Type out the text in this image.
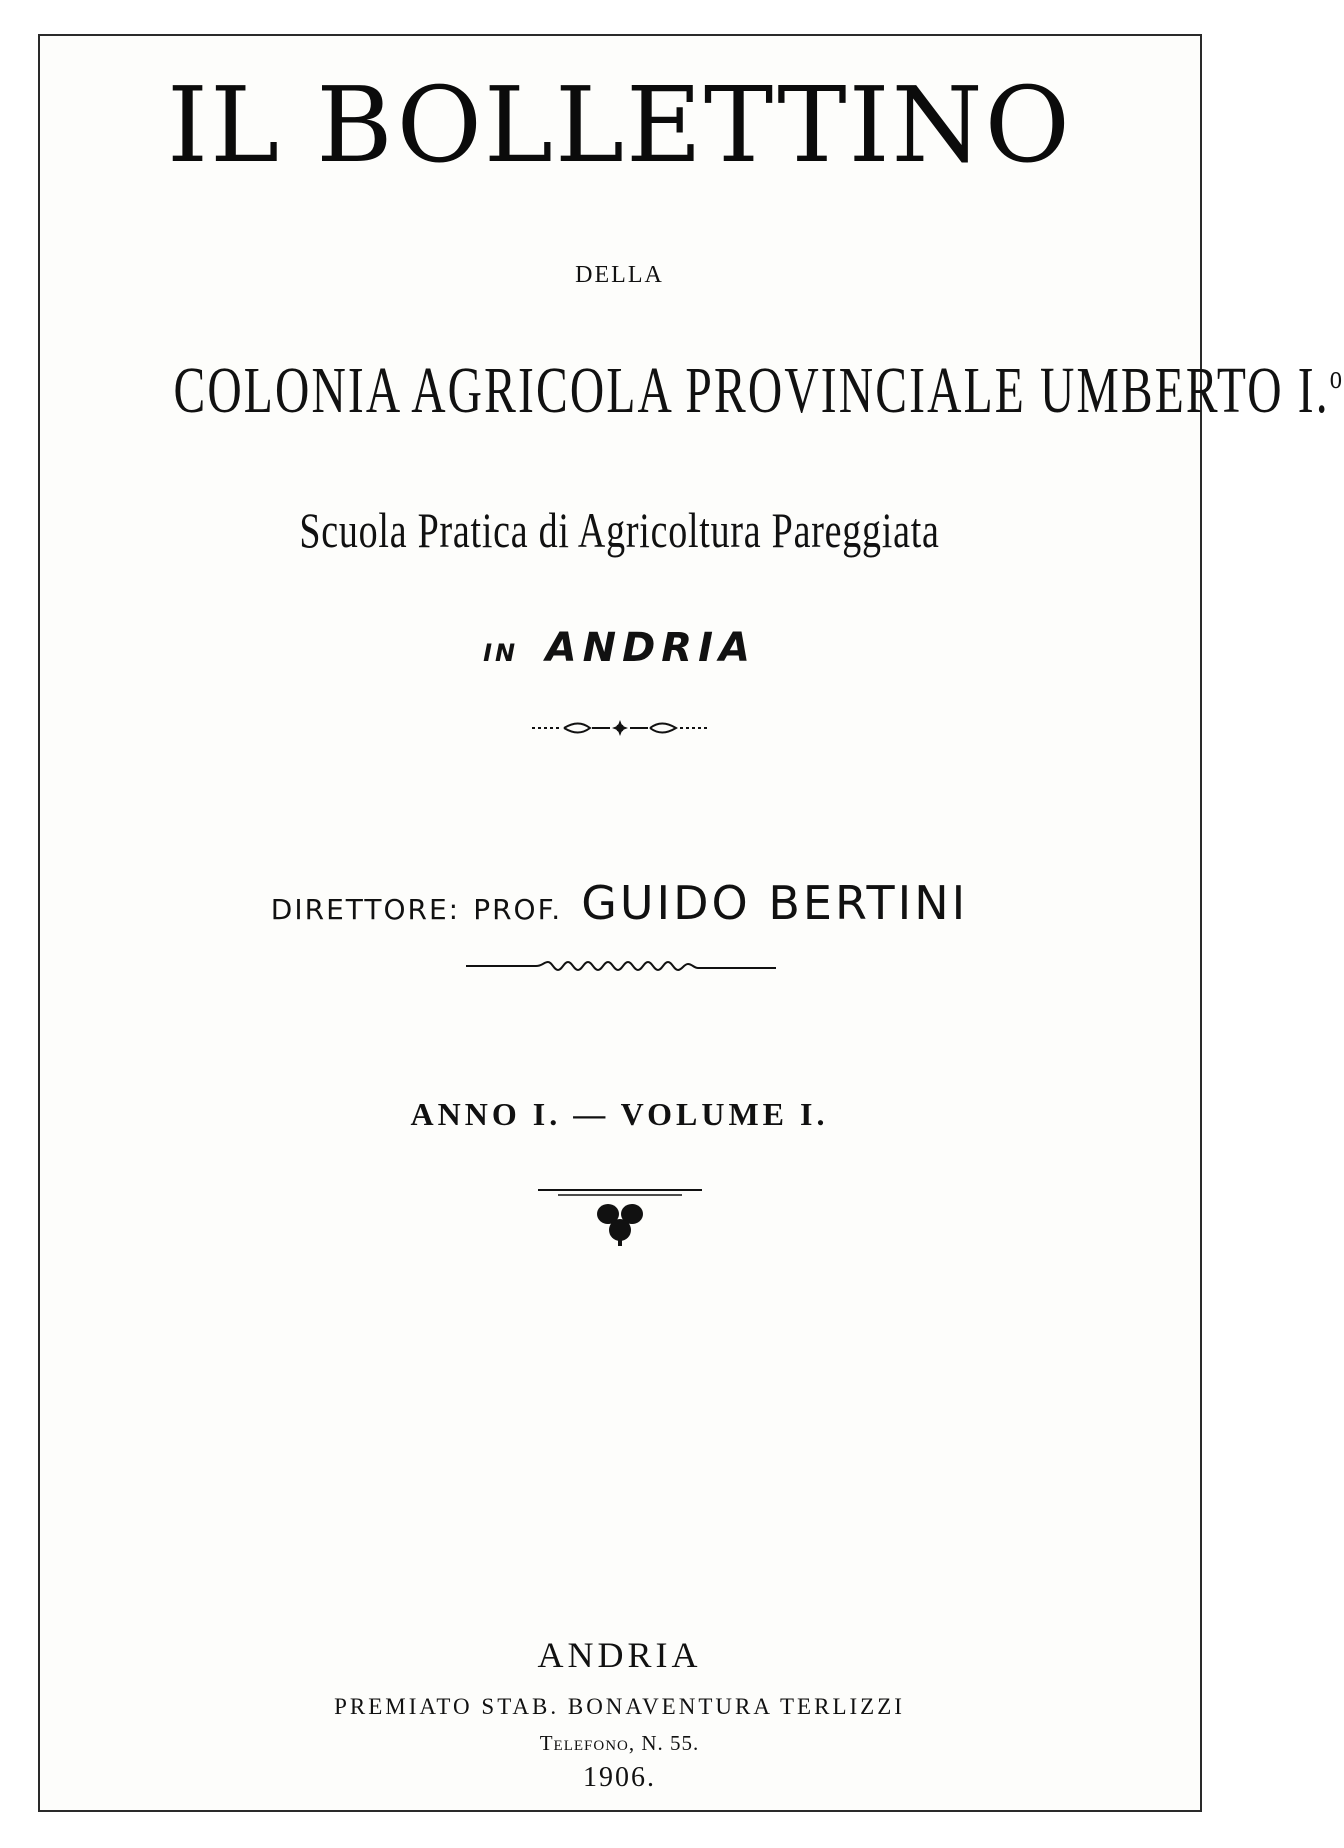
IL BOLLETTINO
DELLA
COLONIA AGRICOLA PROVINCIALE UMBERTO I.$^o$
Scuola Pratica di Agricoltura Pareggiata
IN ANDRIA
DIRETTORE: PROF. GUIDO BERTINI
ANNO I. — VOLUME I.
ANDRIA
PREMIATO STAB. BONAVENTURA TERLIZZI
Telefono, N. 55.
1906.
